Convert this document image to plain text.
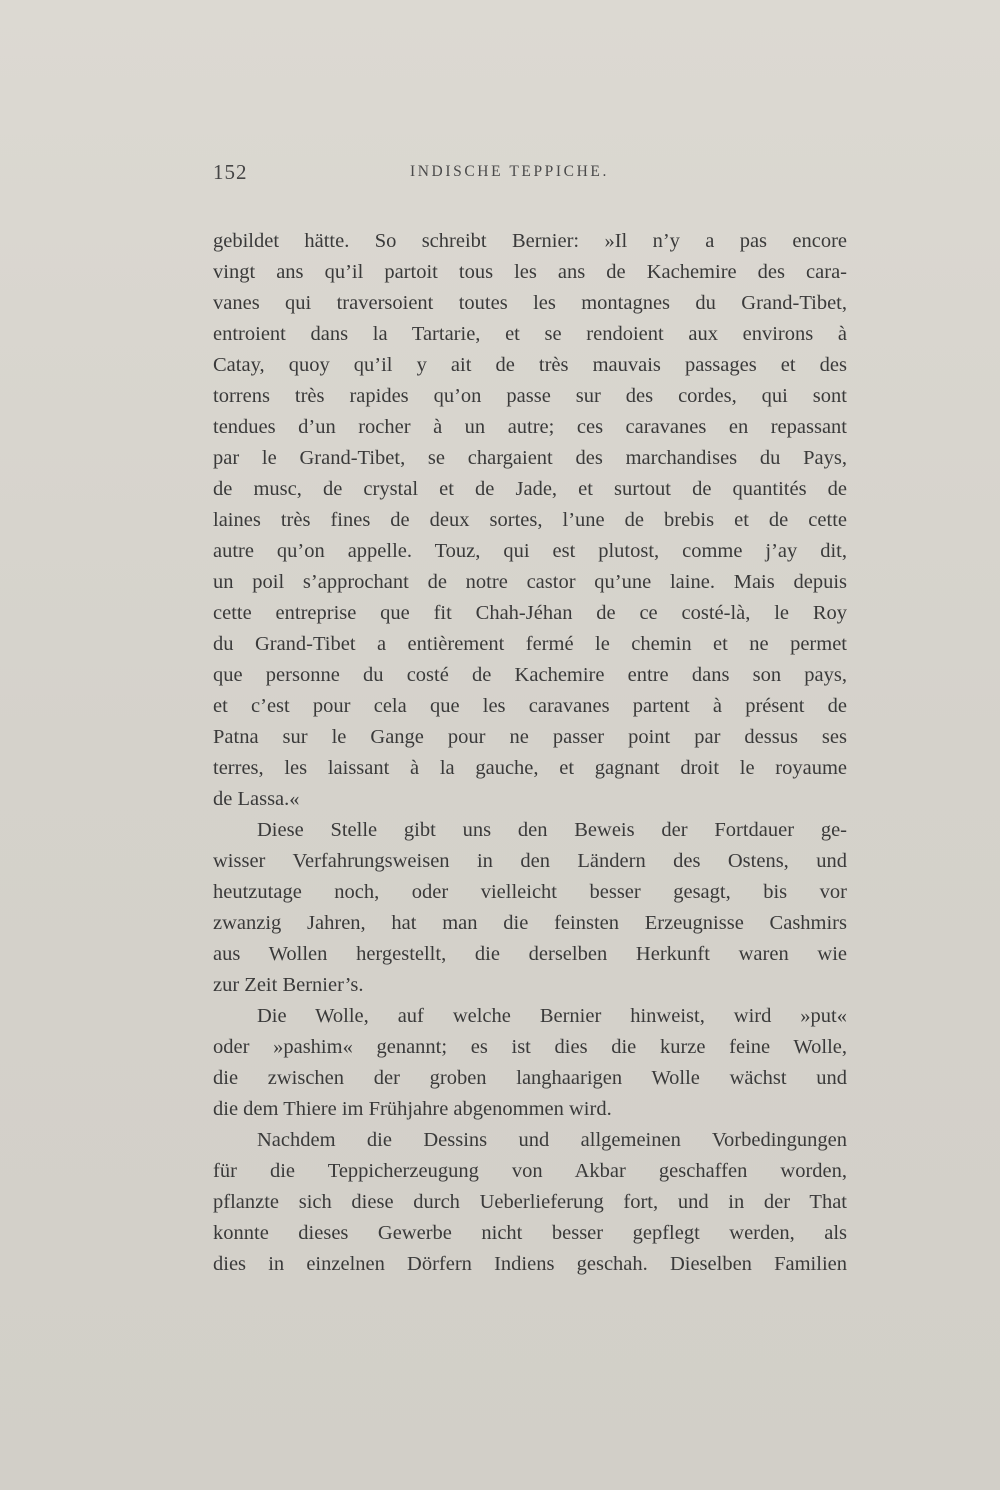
152	INDISCHE TEPPICHE.
gebildet hätte. So schreibt Bernier: »Il n’y a pas encore
vingt ans qu’il partoit tous les ans de Kachemire des cara-
vanes qui traversoient toutes les montagnes du Grand-Tibet,
entroient dans la Tartarie, et se rendoient aux environs à
Catay, quoy qu’il y ait de très mauvais passages et des
torrens très rapides qu’on passe sur des cordes, qui sont
tendues d’un rocher à un autre; ces caravanes en repassant
par le Grand-Tibet, se chargaient des marchandises du Pays,
de musc, de crystal et de Jade, et surtout de quantités de
laines très fines de deux sortes, l’une de brebis et de cette
autre qu’on appelle. Touz, qui est plutost, comme j’ay dit,
un poil s’approchant de notre castor qu’une laine. Mais depuis
cette entreprise que fit Chah-Jéhan de ce costé-là, le Roy
du Grand-Tibet a entièrement fermé le chemin et ne permet
que personne du costé de Kachemire entre dans son pays,
et c’est pour cela que les caravanes partent à présent de
Patna sur le Gange pour ne passer point par dessus ses
terres, les laissant à la gauche, et gagnant droit le royaume
de Lassa.«
Diese Stelle gibt uns den Beweis der Fortdauer ge-
wisser Verfahrungsweisen in den Ländern des Ostens, und
heutzutage noch, oder vielleicht besser gesagt, bis vor
zwanzig Jahren, hat man die feinsten Erzeugnisse Cashmirs
aus Wollen hergestellt, die derselben Herkunft waren wie
zur Zeit Bernier’s.
Die Wolle, auf welche Bernier hinweist, wird »put«
oder »pashim« genannt; es ist dies die kurze feine Wolle,
die zwischen der groben langhaarigen Wolle wächst und
die dem Thiere im Frühjahre abgenommen wird.
Nachdem die Dessins und allgemeinen Vorbedingungen
für die Teppicherzeugung von Akbar geschaffen worden,
pflanzte sich diese durch Ueberlieferung fort, und in der That
konnte dieses Gewerbe nicht besser gepflegt werden, als
dies in einzelnen Dörfern Indiens geschah. Dieselben Familien
